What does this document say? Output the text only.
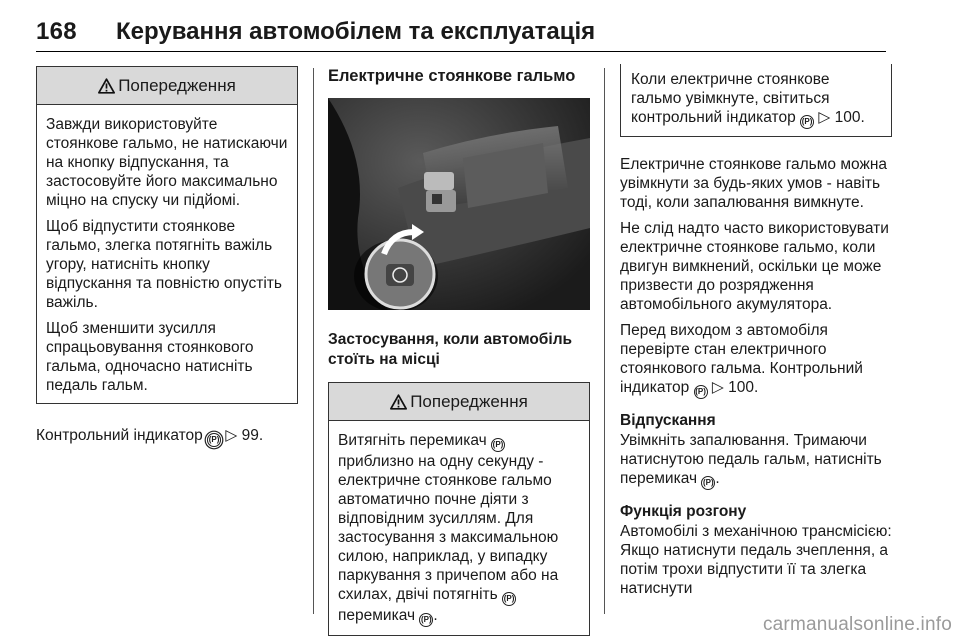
168 Керування автомобілем та експлуатація
Попередження

Завжди використовуйте стоянкове гальмо, не натискаючи на кнопку відпускання, та застосовуйте його максимально міцно на спуску чи підйомі.

Щоб відпустити стоянкове гальмо, злегка потягніть важіль угору, натисніть кнопку відпускання та повністю опустіть важіль.

Щоб зменшити зусилля спрацьовування стоянкового гальма, одночасно натисніть педаль гальм.

Контрольний індикатор (P) ▷ 99.

Електричне стоянкове гальмо
Застосування, коли автомобіль стоїть на місці
Попередження

Витягніть перемикач (P) приблизно на одну секунду - електричне стоянкове гальмо автоматично почне діяти з відповідним зусиллям. Для застосування з максимальною силою, наприклад, у випадку паркування з причепом або на схилах, двічі потягніть (P)
перемикач (P) .

Коли електричне стоянкове гальмо увімкнуте, світиться контрольний індикатор (P) ▷ 100.

Електричне стоянкове гальмо можна увімкнути за будь-яких умов - навіть тоді, коли запалювання вимкнуте.

Не слід надто часто використовувати електричне стоянкове гальмо, коли двигун вимкнений, оскільки це може призвести до розрядження автомобільного акумулятора.

Перед виходом з автомобіля перевірте стан електричного стоянкового гальма. Контрольний індикатор (P) ▷ 100.

Відпускання

Увімкніть запалювання. Тримаючи натиснутою педаль гальм, натисніть перемикач (P) .

Функція розгону

Автомобілі з механічною трансмісією: Якщо натиснути педаль зчеплення, а потім трохи відпустити її та злегка натиснути

carmanualsonline.info
